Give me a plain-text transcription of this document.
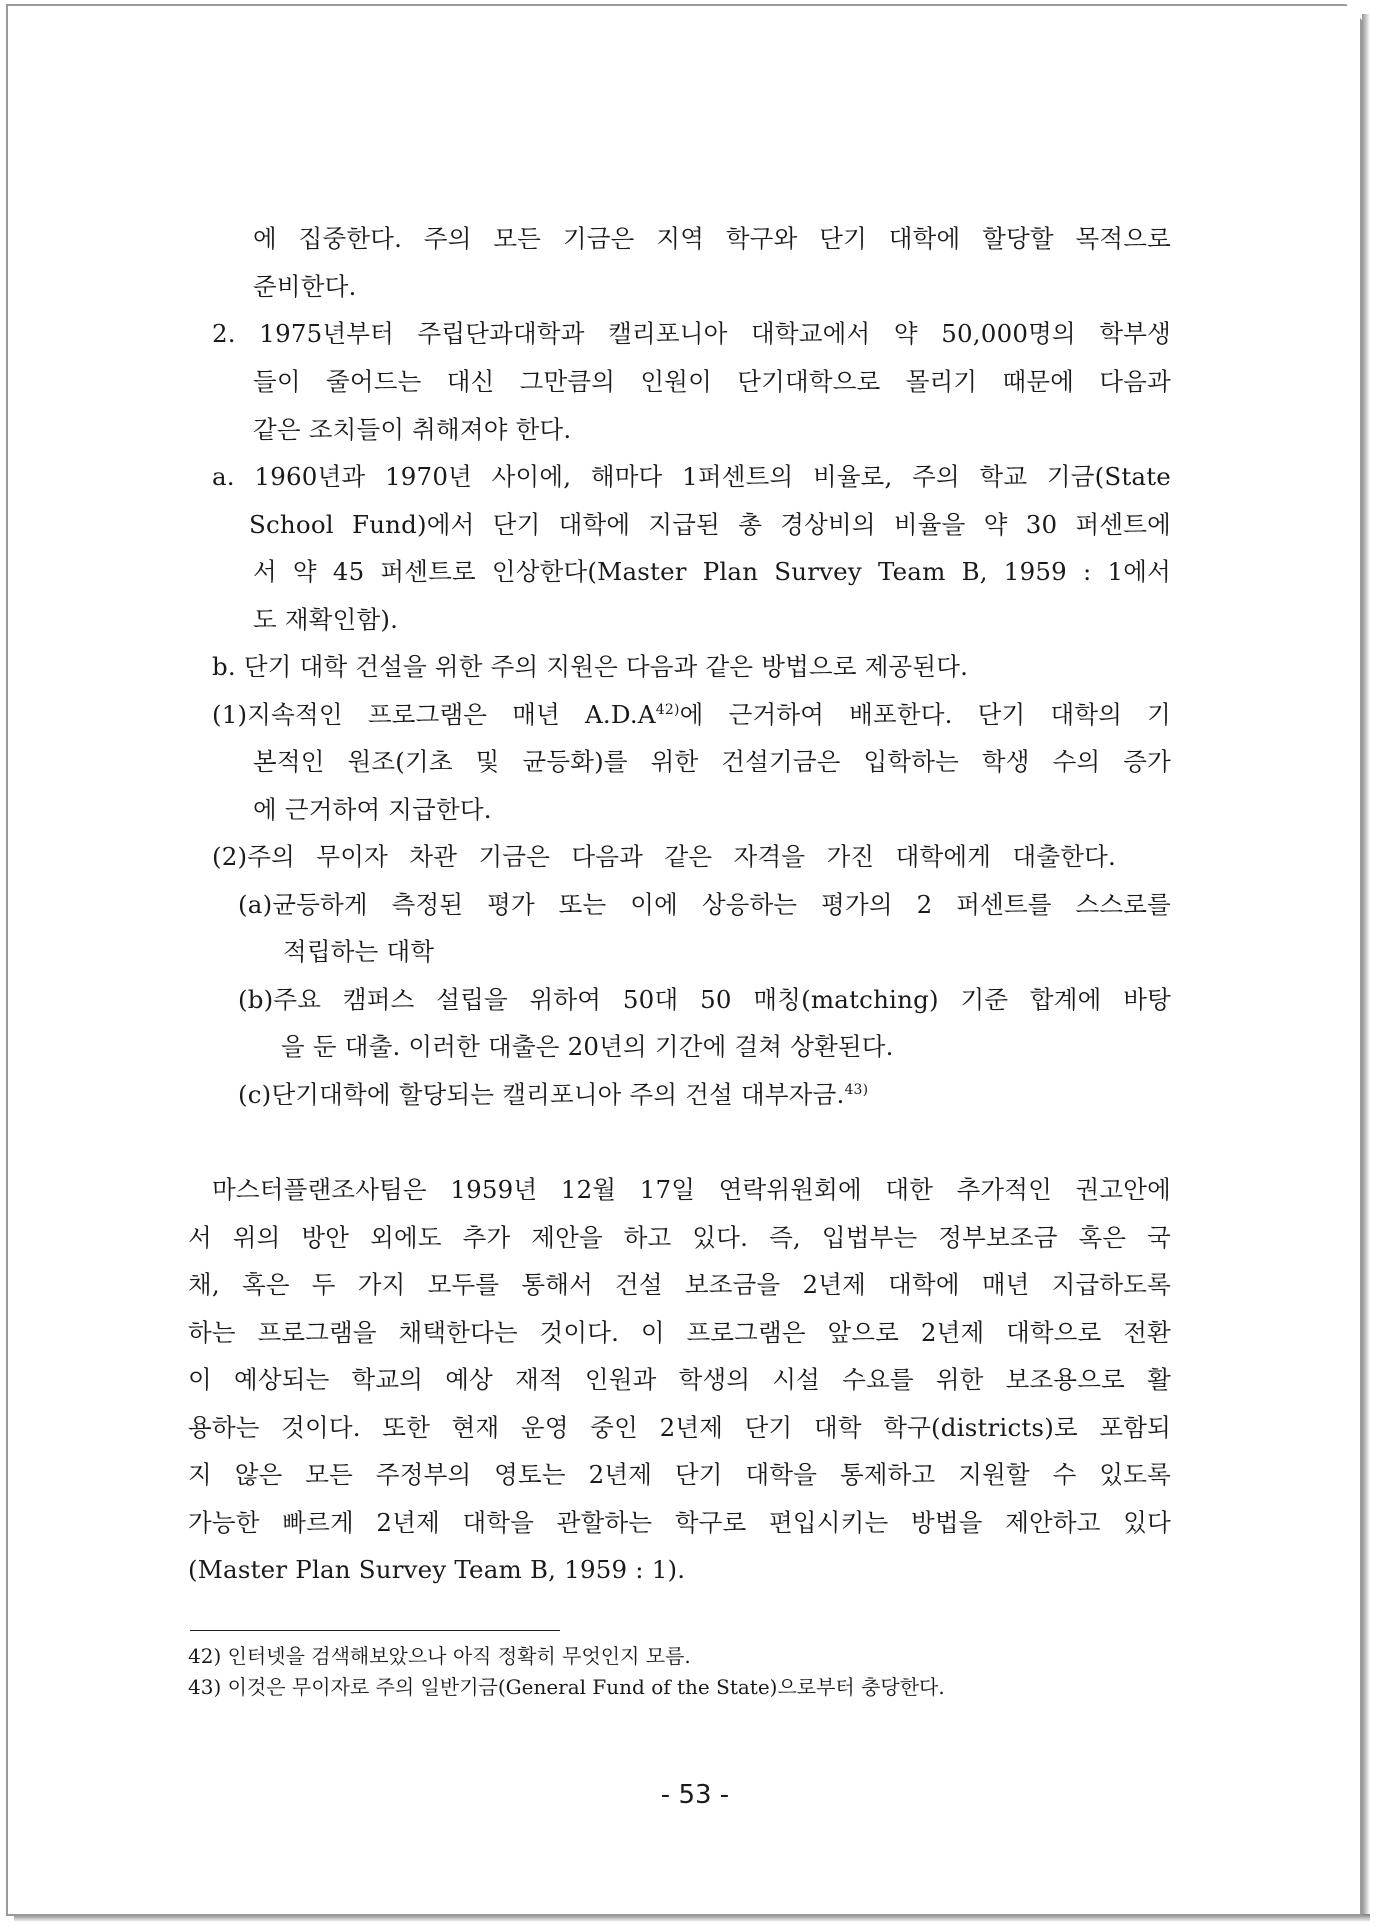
에 집중한다. 주의 모든 기금은 지역 학구와 단기 대학에 할당할 목적으로
준비한다.
2. 1975년부터 주립단과대학과 캘리포니아 대학교에서 약 50,000명의 학부생
들이 줄어드는 대신 그만큼의 인원이 단기대학으로 몰리기 때문에 다음과
같은 조치들이 취해져야 한다.
a. 1960년과 1970년 사이에, 해마다 1퍼센트의 비율로, 주의 학교 기금(State
School Fund)에서 단기 대학에 지급된 총 경상비의 비율을 약 30 퍼센트에
서 약 45 퍼센트로 인상한다(Master Plan Survey Team B, 1959 : 1에서
도 재확인함).
b. 단기 대학 건설을 위한 주의 지원은 다음과 같은 방법으로 제공된다.
(1)지속적인 프로그램은 매년 $A.D.A^{42)}$에 근거하여 배포한다. 단기 대학의 기
본적인 원조(기초 및 균등화)를 위한 건설기금은 입학하는 학생 수의 증가
에 근거하여 지급한다.
(2)주의 무이자 차관 기금은 다음과 같은 자격을 가진 대학에게 대출한다.
(a)균등하게 측정된 평가 또는 이에 상응하는 평가의 2 퍼센트를 스스로를
적립하는 대학
(b)주요 캠퍼스 설립을 위하여 50대 50 매칭(matching) 기준 합계에 바탕
을 둔 대출. 이러한 대출은 20년의 기간에 걸쳐 상환된다.
(c)단기대학에 할당되는 캘리포니아 주의 건설 대부자금.$^{43)}$
마스터플랜조사팀은 1959년 12월 17일 연락위원회에 대한 추가적인 권고안에
서 위의 방안 외에도 추가 제안을 하고 있다. 즉, 입법부는 정부보조금 혹은 국
채, 혹은 두 가지 모두를 통해서 건설 보조금을 2년제 대학에 매년 지급하도록
하는 프로그램을 채택한다는 것이다. 이 프로그램은 앞으로 2년제 대학으로 전환
이 예상되는 학교의 예상 재적 인원과 학생의 시설 수요를 위한 보조용으로 활
용하는 것이다. 또한 현재 운영 중인 2년제 단기 대학 학구(districts)로 포함되
지 않은 모든 주정부의 영토는 2년제 단기 대학을 통제하고 지원할 수 있도록
가능한 빠르게 2년제 대학을 관할하는 학구로 편입시키는 방법을 제안하고 있다
(Master Plan Survey Team B, 1959 : 1).
42) 인터넷을 검색해보았으나 아직 정확히 무엇인지 모름.
43) 이것은 무이자로 주의 일반기금(General Fund of the State)으로부터 충당한다.
- 53 -
